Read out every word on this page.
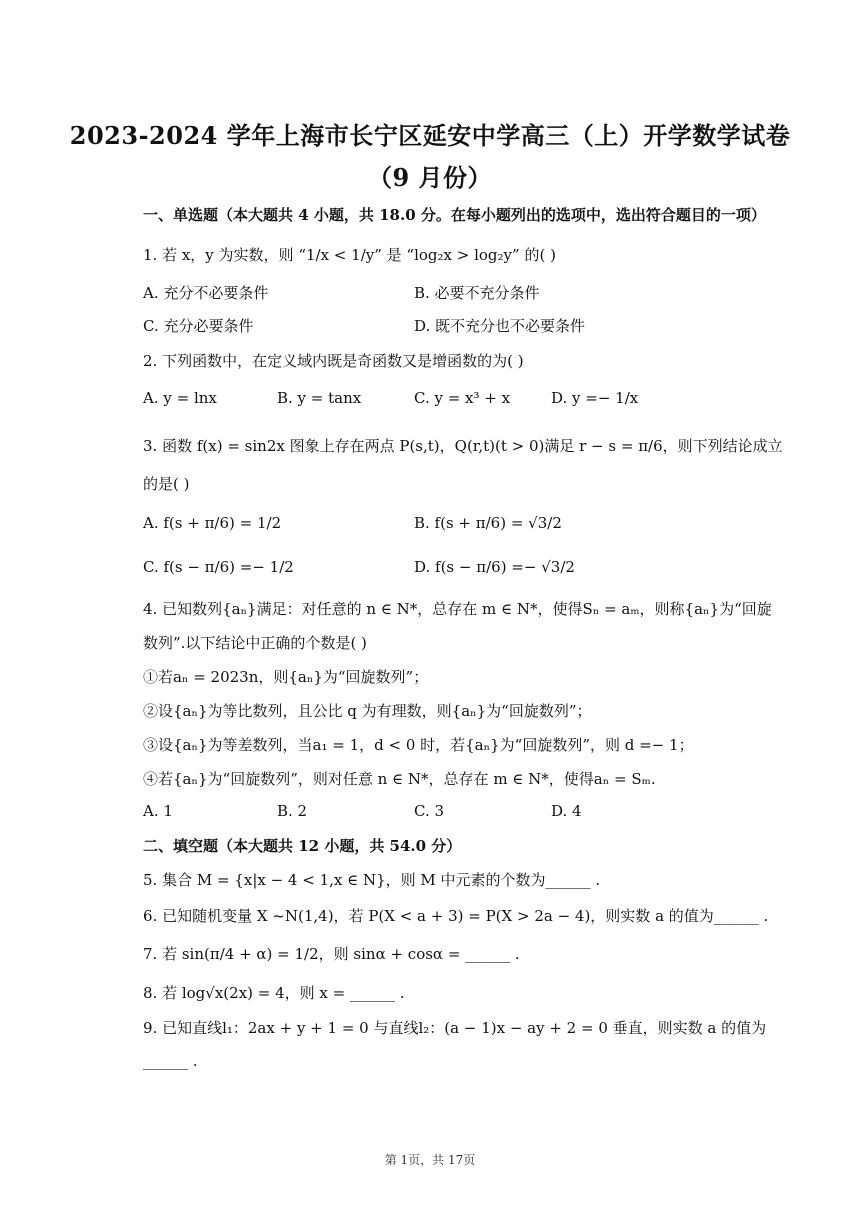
2023-2024 学年上海市长宁区延安中学高三（上）开学数学试卷
（9 月份）
一、单选题（本大题共 4 小题，共 18.0 分。在每小题列出的选项中，选出符合题目的一项）
1. 若 x，y 为实数，则 “1/x < 1/y” 是 “log₂x > log₂y” 的( )
A. 充分不必要条件	B. 必要不充分条件
C. 充分必要条件	D. 既不充分也不必要条件
2. 下列函数中，在定义域内既是奇函数又是增函数的为( )
A. y = lnx	B. y = tanx	C. y = x³ + x	D. y =− 1/x
3. 函数 f(x) = sin2x 图象上存在两点 P(s,t)，Q(r,t)(t > 0)满足 r − s = π/6，则下列结论成立
的是( )
A. f(s + π/6) = 1/2	B. f(s + π/6) = √3/2
C. f(s − π/6) =− 1/2	D. f(s − π/6) =− √3/2
4. 已知数列{aₙ}满足：对任意的 n ∈ N*，总存在 m ∈ N*，使得Sₙ = aₘ，则称{aₙ}为“回旋
数列”.以下结论中正确的个数是( )
①若aₙ = 2023n，则{aₙ}为“回旋数列”；
②设{aₙ}为等比数列，且公比 q 为有理数，则{aₙ}为“回旋数列”；
③设{aₙ}为等差数列，当a₁ = 1，d < 0 时，若{aₙ}为“回旋数列”，则 d =− 1；
④若{aₙ}为“回旋数列”，则对任意 n ∈ N*，总存在 m ∈ N*，使得aₙ = Sₘ.
A. 1	B. 2	C. 3	D. 4
二、填空题（本大题共 12 小题，共 54.0 分）
5. 集合 M = {x|x − 4 < 1,x ∈ N}，则 M 中元素的个数为______ .
6. 已知随机变量 X ~N(1,4)，若 P(X < a + 3) = P(X > 2a − 4)，则实数 a 的值为______ .
7. 若 sin(π/4 + α) = 1/2，则 sinα + cosα = ______ .
8. 若 log√x(2x) = 4，则 x = ______ .
9. 已知直线l₁：2ax + y + 1 = 0 与直线l₂：(a − 1)x − ay + 2 = 0 垂直，则实数 a 的值为
______ .
第 1页，共 17页
